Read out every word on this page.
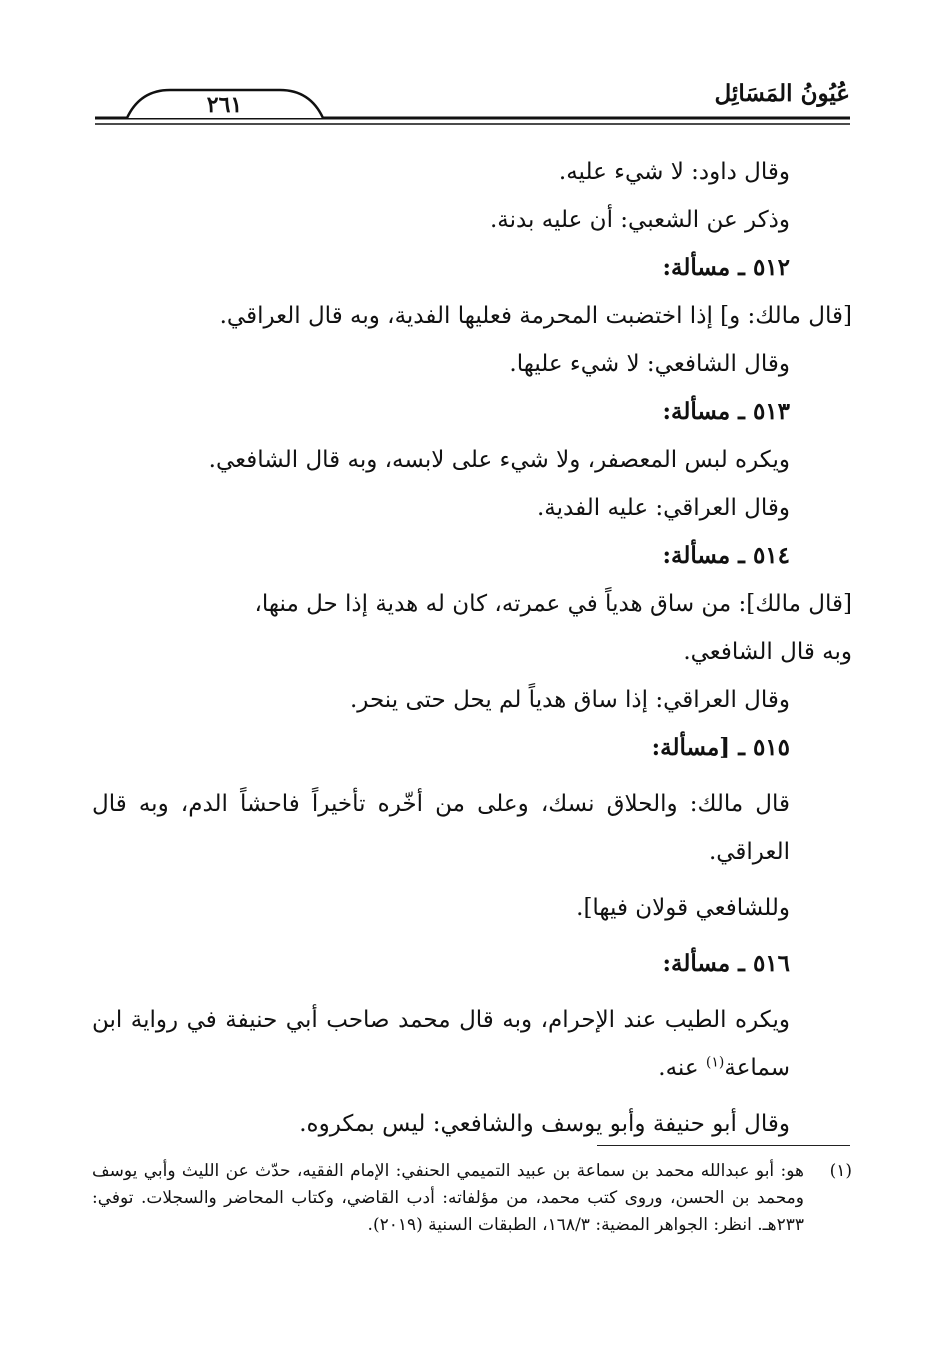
٢٦١	عُيُونُ المَسَائِل

وقال داود: لا شيء عليه.

وذكر عن الشعبي: أن عليه بدنة.

٥١٢ ـ مسألة:

[قال مالك: و] إذا اختضبت المحرمة فعليها الفدية، وبه قال العراقي.

وقال الشافعي: لا شيء عليها.

٥١٣ ـ مسألة:

ويكره لبس المعصفر، ولا شيء على لابسه، وبه قال الشافعي.

وقال العراقي: عليه الفدية.

٥١٤ ـ مسألة:

[قال مالك]: من ساق هدياً في عمرته، كان له هدية إذا حل منها،

وبه قال الشافعي.

وقال العراقي: إذا ساق هدياً لم يحل حتى ينحر.

٥١٥ ـ [مسألة:

قال مالك: والحلاق نسك، وعلى من أخّره تأخيراً فاحشاً الدم، وبه قال العراقي.

وللشافعي قولان فيها].

٥١٦ ـ مسألة:

ويكره الطيب عند الإحرام، وبه قال محمد صاحب أبي حنيفة في رواية ابن سماعة$^{(١)}$ عنه.

وقال أبو حنيفة وأبو يوسف والشافعي: ليس بمكروه.

(١)
هو: أبو عبدالله محمد بن سماعة بن عبيد التميمي الحنفي: الإمام الفقيه، حدّث عن الليث وأبي يوسف ومحمد بن الحسن، وروى كتب محمد، من مؤلفاته: أدب القاضي، وكتاب المحاضر والسجلات. توفي: ٢٣٣هـ. انظر: الجواهر المضية: ١٦٨/٣، الطبقات السنية (٢٠١٩).
